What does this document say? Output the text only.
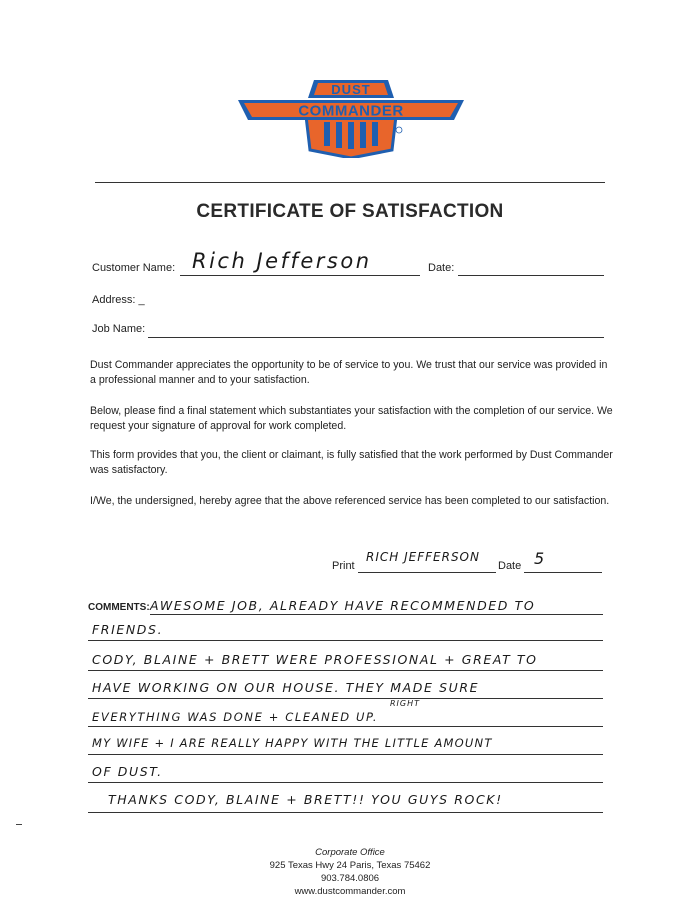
DUST
COMMANDER
CERTIFICATE OF SATISFACTION
Customer Name: Rich Jefferson	Date:
Address: _
Job Name:
Dust Commander appreciates the opportunity to be of service to you. We trust that our service was provided in a professional manner and to your satisfaction.
Below, please find a final statement which substantiates your satisfaction with the completion of our service. We request your signature of approval for work completed.
This form provides that you, the client or claimant, is fully satisfied that the work performed by Dust Commander was satisfactory.
I/We, the undersigned, hereby agree that the above referenced service has been completed to our satisfaction.
Print
RICH JEFFERSON
Date 5
COMMENTS: AWESOME JOB, ALREADY HAVE RECOMMENDED TO
FRIENDS.
CODY, BLAINE + BRETT WERE PROFESSIONAL + GREAT TO
HAVE WORKING ON OUR HOUSE. THEY MADE SURE
RIGHT
EVERYTHING WAS DONE + CLEANED UP.
MY WIFE + I ARE REALLY HAPPY WITH THE LITTLE AMOUNT
OF DUST.
THANKS CODY, BLAINE + BRETT!! YOU GUYS ROCK!
Corporate Office
925 Texas Hwy 24 Paris, Texas 75462
903.784.0806
www.dustcommander.com
